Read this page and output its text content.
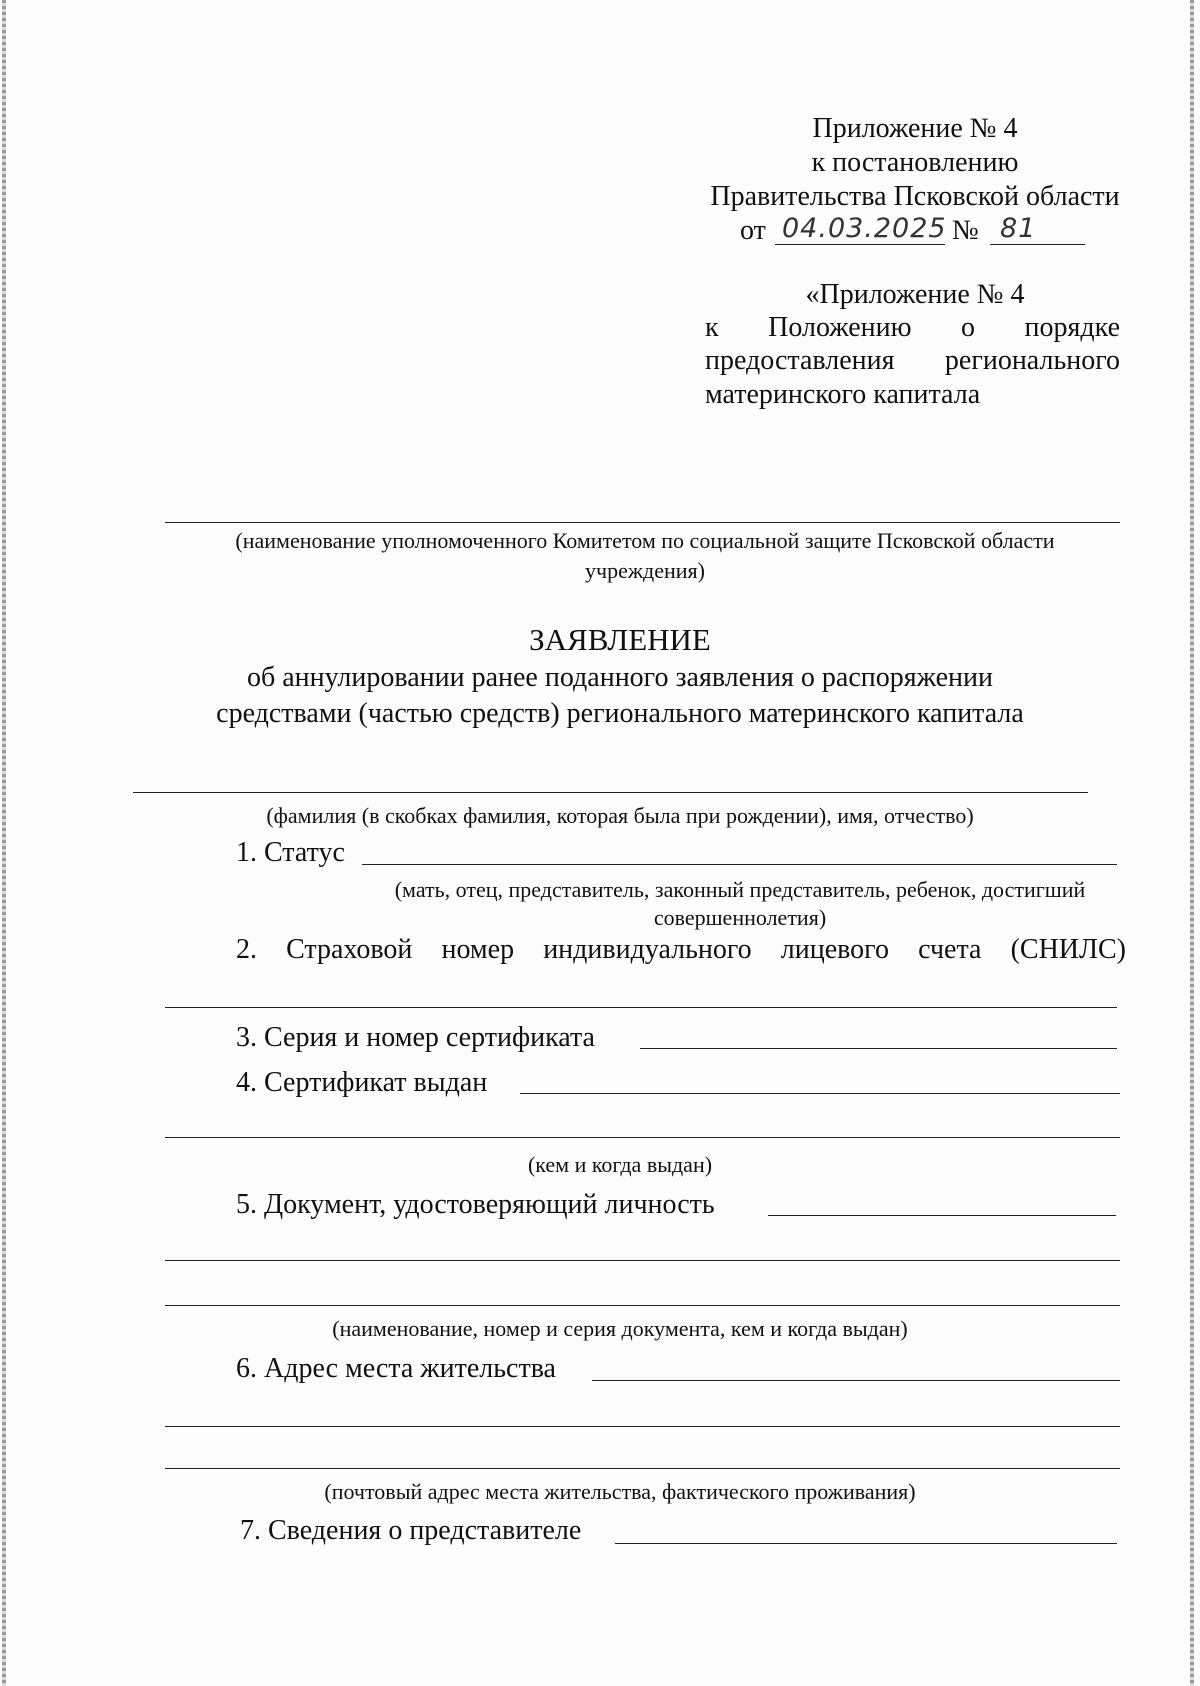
Приложение № 4
к постановлению
Правительства Псковской области
от 04.03.2025 № 81
«Приложение № 4
к Положению о порядке
предоставления регионального
материнского капитала
(наименование уполномоченного Комитетом по социальной защите Псковской области учреждения)
ЗАЯВЛЕНИЕ
об аннулировании ранее поданного заявления о распоряжении
средствами (частью средств) регионального материнского капитала
(фамилия (в скобках фамилия, которая была при рождении), имя, отчество)
1. Статус
(мать, отец, представитель, законный представитель, ребенок, достигший совершеннолетия)
2. Страховой номер индивидуального лицевого счета (СНИЛС)
3. Серия и номер сертификата
4. Сертификат выдан
(кем и когда выдан)
5. Документ, удостоверяющий личность
(наименование, номер и серия документа, кем и когда выдан)
6. Адрес места жительства
(почтовый адрес места жительства, фактического проживания)
7. Сведения о представителе
